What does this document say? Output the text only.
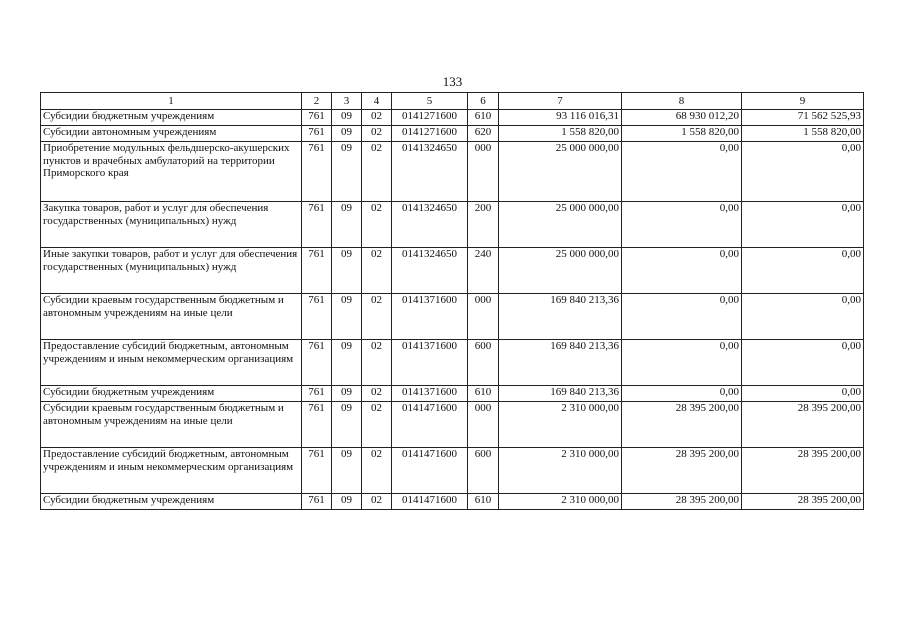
133
1	2	3	4	5	6	7	8	9
Субсидии бюджетным учреждениям	761	09	02	0141271600	610	93 116 016,31	68 930 012,20	71 562 525,93
Субсидии автономным учреждениям	761	09	02	0141271600	620	1 558 820,00	1 558 820,00	1 558 820,00
Приобретение модульных фельдшерско-акушерских пунктов и врачебных амбулаторий на территории Приморского края	761	09	02	0141324650	000	25 000 000,00	0,00	0,00
Закупка товаров, работ и услуг для обеспечения государственных (муниципальных) нужд	761	09	02	0141324650	200	25 000 000,00	0,00	0,00
Иные закупки товаров, работ и услуг для обеспечения государственных (муниципальных) нужд	761	09	02	0141324650	240	25 000 000,00	0,00	0,00
Субсидии краевым государственным бюджетным и автономным учреждениям на иные цели	761	09	02	0141371600	000	169 840 213,36	0,00	0,00
Предоставление субсидий бюджетным, автономным учреждениям и иным некоммерческим организациям	761	09	02	0141371600	600	169 840 213,36	0,00	0,00
Субсидии бюджетным учреждениям	761	09	02	0141371600	610	169 840 213,36	0,00	0,00
Субсидии краевым государственным бюджетным и автономным учреждениям на иные цели	761	09	02	0141471600	000	2 310 000,00	28 395 200,00	28 395 200,00
Предоставление субсидий бюджетным, автономным учреждениям и иным некоммерческим организациям	761	09	02	0141471600	600	2 310 000,00	28 395 200,00	28 395 200,00
Субсидии бюджетным учреждениям	761	09	02	0141471600	610	2 310 000,00	28 395 200,00	28 395 200,00
